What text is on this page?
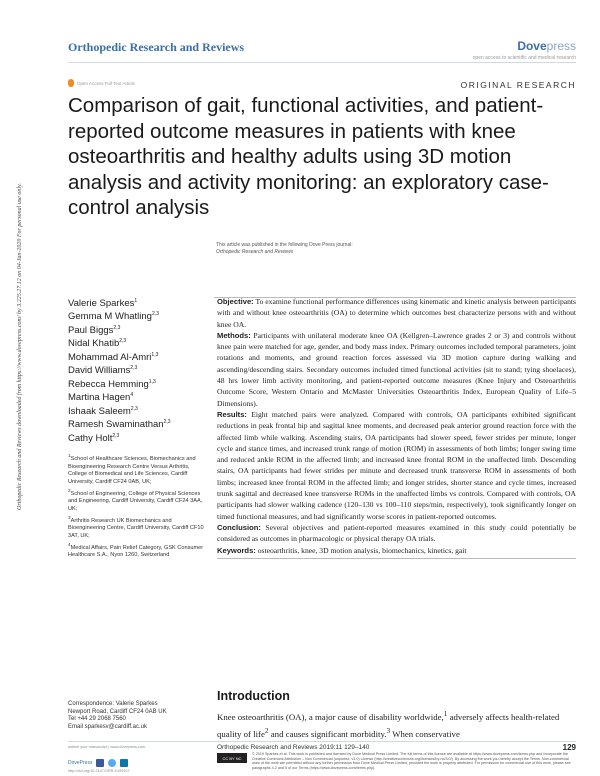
Orthopedic Research and Reviews	Dovepress
open access to scientific and medical research
Open Access Full Text Article	ORIGINAL RESEARCH
Comparison of gait, functional activities, and patient-reported outcome measures in patients with knee osteoarthritis and healthy adults using 3D motion analysis and activity monitoring: an exploratory case-control analysis
This article was published in the following Dove Press journal:
Orthopedic Research and Reviews
Orthopedic Research and Reviews downloaded from https://www.dovepress.com/ by 3.225.27.12 on 04-Jun-2020 For personal use only.	Valerie Sparkes$^1$
Gemma M Whatling$^{2,3}$
Paul Biggs$^{2,3}$
Nidal Khatib$^{2,3}$
Mohammad Al-Amri$^{1,3}$
David Williams$^{2,3}$
Rebecca Hemming$^{1,3}$
Martina Hagen$^4$
Ishaak Saleem$^{2,3}$
Ramesh Swaminathan$^{2,3}$
Cathy Holt$^{2,3}$

$^1$School of Healthcare Sciences, Biomechanics and Bioengineering Research Centre Versus Arthritis, College of Biomedical and Life Sciences, Cardiff University, Cardiff CF24 0AB, UK;

$^2$School of Engineering, College of Physical Sciences and Engineering, Cardiff University, Cardiff CF24 3AA, UK;

$^3$Arthritis Research UK Biomechanics and Bioengineering Centre, Cardiff University, Cardiff CF10 3AT, UK;

$^4$Medical Affairs, Pain Relief Category, GSK Consumer Healthcare S.A., Nyon 1260, Switzerland

Objective: To examine functional performance differences using kinematic and kinetic analysis between participants with and without knee osteoarthritis (OA) to determine which outcomes best characterize persons with and without knee OA.

Methods: Participants with unilateral moderate knee OA (Kellgren–Lawrence grades 2 or 3) and controls without knee pain were matched for age, gender, and body mass index. Primary outcomes included temporal parameters, joint rotations and moments, and ground reaction forces assessed via 3D motion capture during walking and ascending/descending stairs. Secondary outcomes included timed functional activities (sit to stand; tying shoelaces), 48 hrs lower limb activity monitoring, and patient-reported outcome measures (Knee Injury and Osteoarthritis Outcome Score, Western Ontario and McMaster Universities Osteoarthritis Index, European Quality of Life–5 Dimensions).

Results: Eight matched pairs were analyzed. Compared with controls, OA participants exhibited significant reductions in peak frontal hip and sagittal knee moments, and decreased peak anterior ground reaction force with the affected limb while walking. Ascending stairs, OA participants had slower speed, fewer strides per minute, longer cycle and stance times, and increased trunk range of motion (ROM) in assessments of both limbs; longer swing time and reduced ankle ROM in the affected limb; and increased knee frontal ROM in the unaffected limb. Descending stairs, OA participants had fewer strides per minute and decreased trunk transverse ROM in assessments of both limbs; increased knee frontal ROM in the affected limb; and longer strides, shorter stance and cycle times, increased trunk sagittal and decreased knee transverse ROMs in the unaffected limbs vs controls. Compared with controls, OA participants had slower walking cadence (120–130 vs 100–110 steps/min, respectively), took significantly longer on timed functional measures, and had significantly worse scores in patient-reported outcomes.

Conclusion: Several objectives and patient-reported measures examined in this study could potentially be considered as outcomes in pharmacologic or physical therapy OA trials.

Keywords: osteoarthritis, knee, 3D motion analysis, biomechanics, kinetics, gait

Introduction
Knee osteoarthritis (OA), a major cause of disability worldwide,$^1$ adversely affects health-related quality of life$^2$ and causes significant morbidity.$^3$ When conservative
Correspondence: Valerie Sparkes
Newport Road, Cardiff CF24 0AB UK
Tel +44 29 2068 7560
Email sparkesv@cardiff.ac.uk
submit your manuscript | www.dovepress.com
DovePress
http://doi.org/10.2147/ORR.S199107
Orthopedic Research and Reviews 2019:11 129–140	129
CC BY NC
© 2019 Sparkes et al. This work is published and licensed by Dove Medical Press Limited. The full terms of this license are available at https://www.dovepress.com/terms.php and incorporate the Creative Commons Attribution – Non Commercial (unported, v3.0) License (http://creativecommons.org/licenses/by-nc/3.0/). By accessing the work you hereby accept the Terms. Non-commercial uses of the work are permitted without any further permission from Dove Medical Press Limited, provided the work is properly attributed. For permission for commercial use of this work, please see paragraphs 4.2 and 5 of our Terms (https://www.dovepress.com/terms.php).
